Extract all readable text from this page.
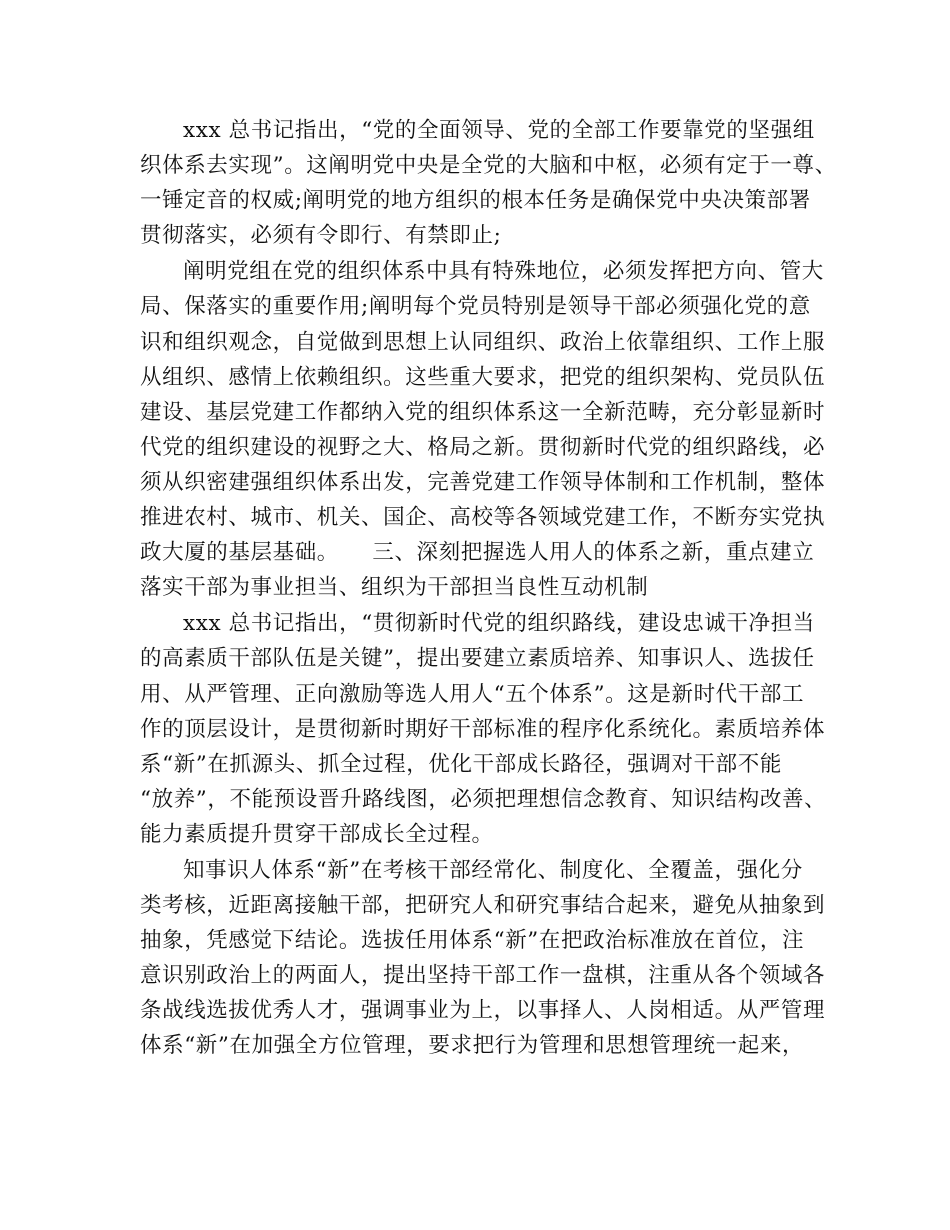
xxx 总书记指出，“党的全面领导、党的全部工作要靠党的坚强组
织体系去实现”。这阐明党中央是全党的大脑和中枢，必须有定于一尊、
一锤定音的权威;阐明党的地方组织的根本任务是确保党中央决策部署
贯彻落实，必须有令即行、有禁即止;
阐明党组在党的组织体系中具有特殊地位，必须发挥把方向、管大
局、保落实的重要作用;阐明每个党员特别是领导干部必须强化党的意
识和组织观念，自觉做到思想上认同组织、政治上依靠组织、工作上服
从组织、感情上依赖组织。这些重大要求，把党的组织架构、党员队伍
建设、基层党建工作都纳入党的组织体系这一全新范畴，充分彰显新时
代党的组织建设的视野之大、格局之新。贯彻新时代党的组织路线，必
须从织密建强组织体系出发，完善党建工作领导体制和工作机制，整体
推进农村、城市、机关、国企、高校等各领域党建工作，不断夯实党执
政大厦的基层基础。　　三、深刻把握选人用人的体系之新，重点建立
落实干部为事业担当、组织为干部担当良性互动机制
xxx 总书记指出，“贯彻新时代党的组织路线，建设忠诚干净担当
的高素质干部队伍是关键”，提出要建立素质培养、知事识人、选拔任
用、从严管理、正向激励等选人用人“五个体系”。这是新时代干部工
作的顶层设计，是贯彻新时期好干部标准的程序化系统化。素质培养体
系“新”在抓源头、抓全过程，优化干部成长路径，强调对干部不能
“放养”，不能预设晋升路线图，必须把理想信念教育、知识结构改善、
能力素质提升贯穿干部成长全过程。
知事识人体系“新”在考核干部经常化、制度化、全覆盖，强化分
类考核，近距离接触干部，把研究人和研究事结合起来，避免从抽象到
抽象，凭感觉下结论。选拔任用体系“新”在把政治标准放在首位，注
意识别政治上的两面人，提出坚持干部工作一盘棋，注重从各个领域各
条战线选拔优秀人才，强调事业为上，以事择人、人岗相适。从严管理
体系“新”在加强全方位管理，要求把行为管理和思想管理统一起来，
